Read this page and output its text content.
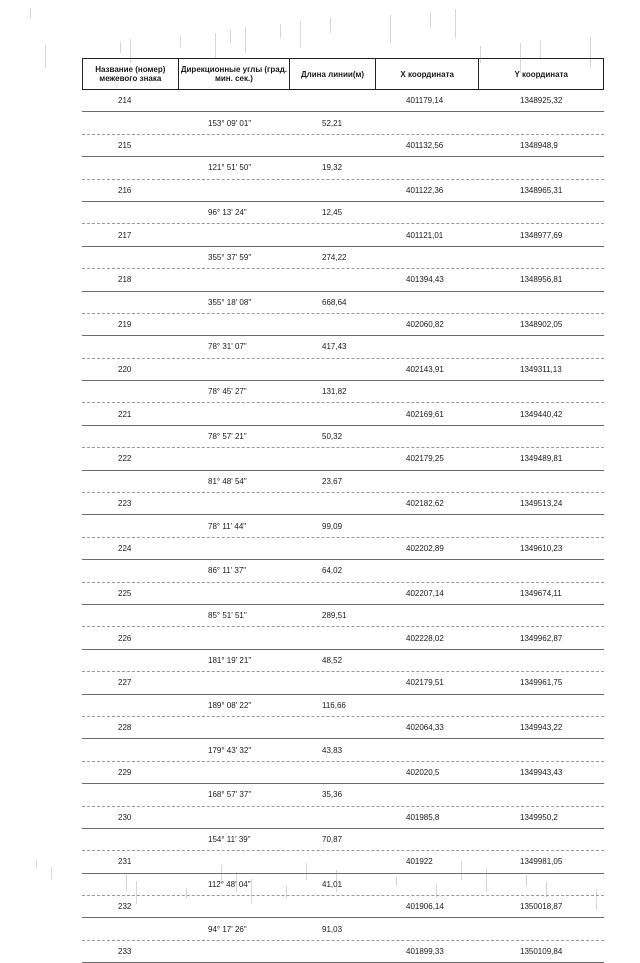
Название (номер) межевого знака
Дирекционные углы (град. мин. сек.)	Длина линии(м)	X координата	Y координата
214	401179,14	1348925,32
153° 09' 01"	52,21
215	401132,56	1348948,9
121° 51' 50"	19,32
216	401122,36	1348965,31
96° 13' 24"	12,45
217	401121,01	1348977,69
355° 37' 59"	274,22
218	401394,43	1348956,81
355° 18' 08"	668,64
219	402060,82	1348902,05
78° 31' 07"	417,43
220	402143,91	1349311,13
78° 45' 27"	131,82
221	402169,61	1349440,42
78° 57' 21"	50,32
222	402179,25	1349489,81
81° 48' 54"	23,67
223	402182,62	1349513,24
78° 11' 44"	99,09
224	402202,89	1349610,23
86° 11' 37"	64,02
225	402207,14	1349674,11
85° 51' 51"	289,51
226	402228,02	1349962,87
181° 19' 21"	48,52
227	402179,51	1349961,75
189° 08' 22"	116,66
228	402064,33	1349943,22
179° 43' 32"	43,83
229	402020,5	1349943,43
168° 57' 37"	35,36
230	401985,8	1349950,2
154° 11' 39"	70,87
231	401922	1349981,05
112° 48' 04"	41,01
232	401906,14	1350018,87
94° 17' 26"	91,03
233	401899,33	1350109,84
